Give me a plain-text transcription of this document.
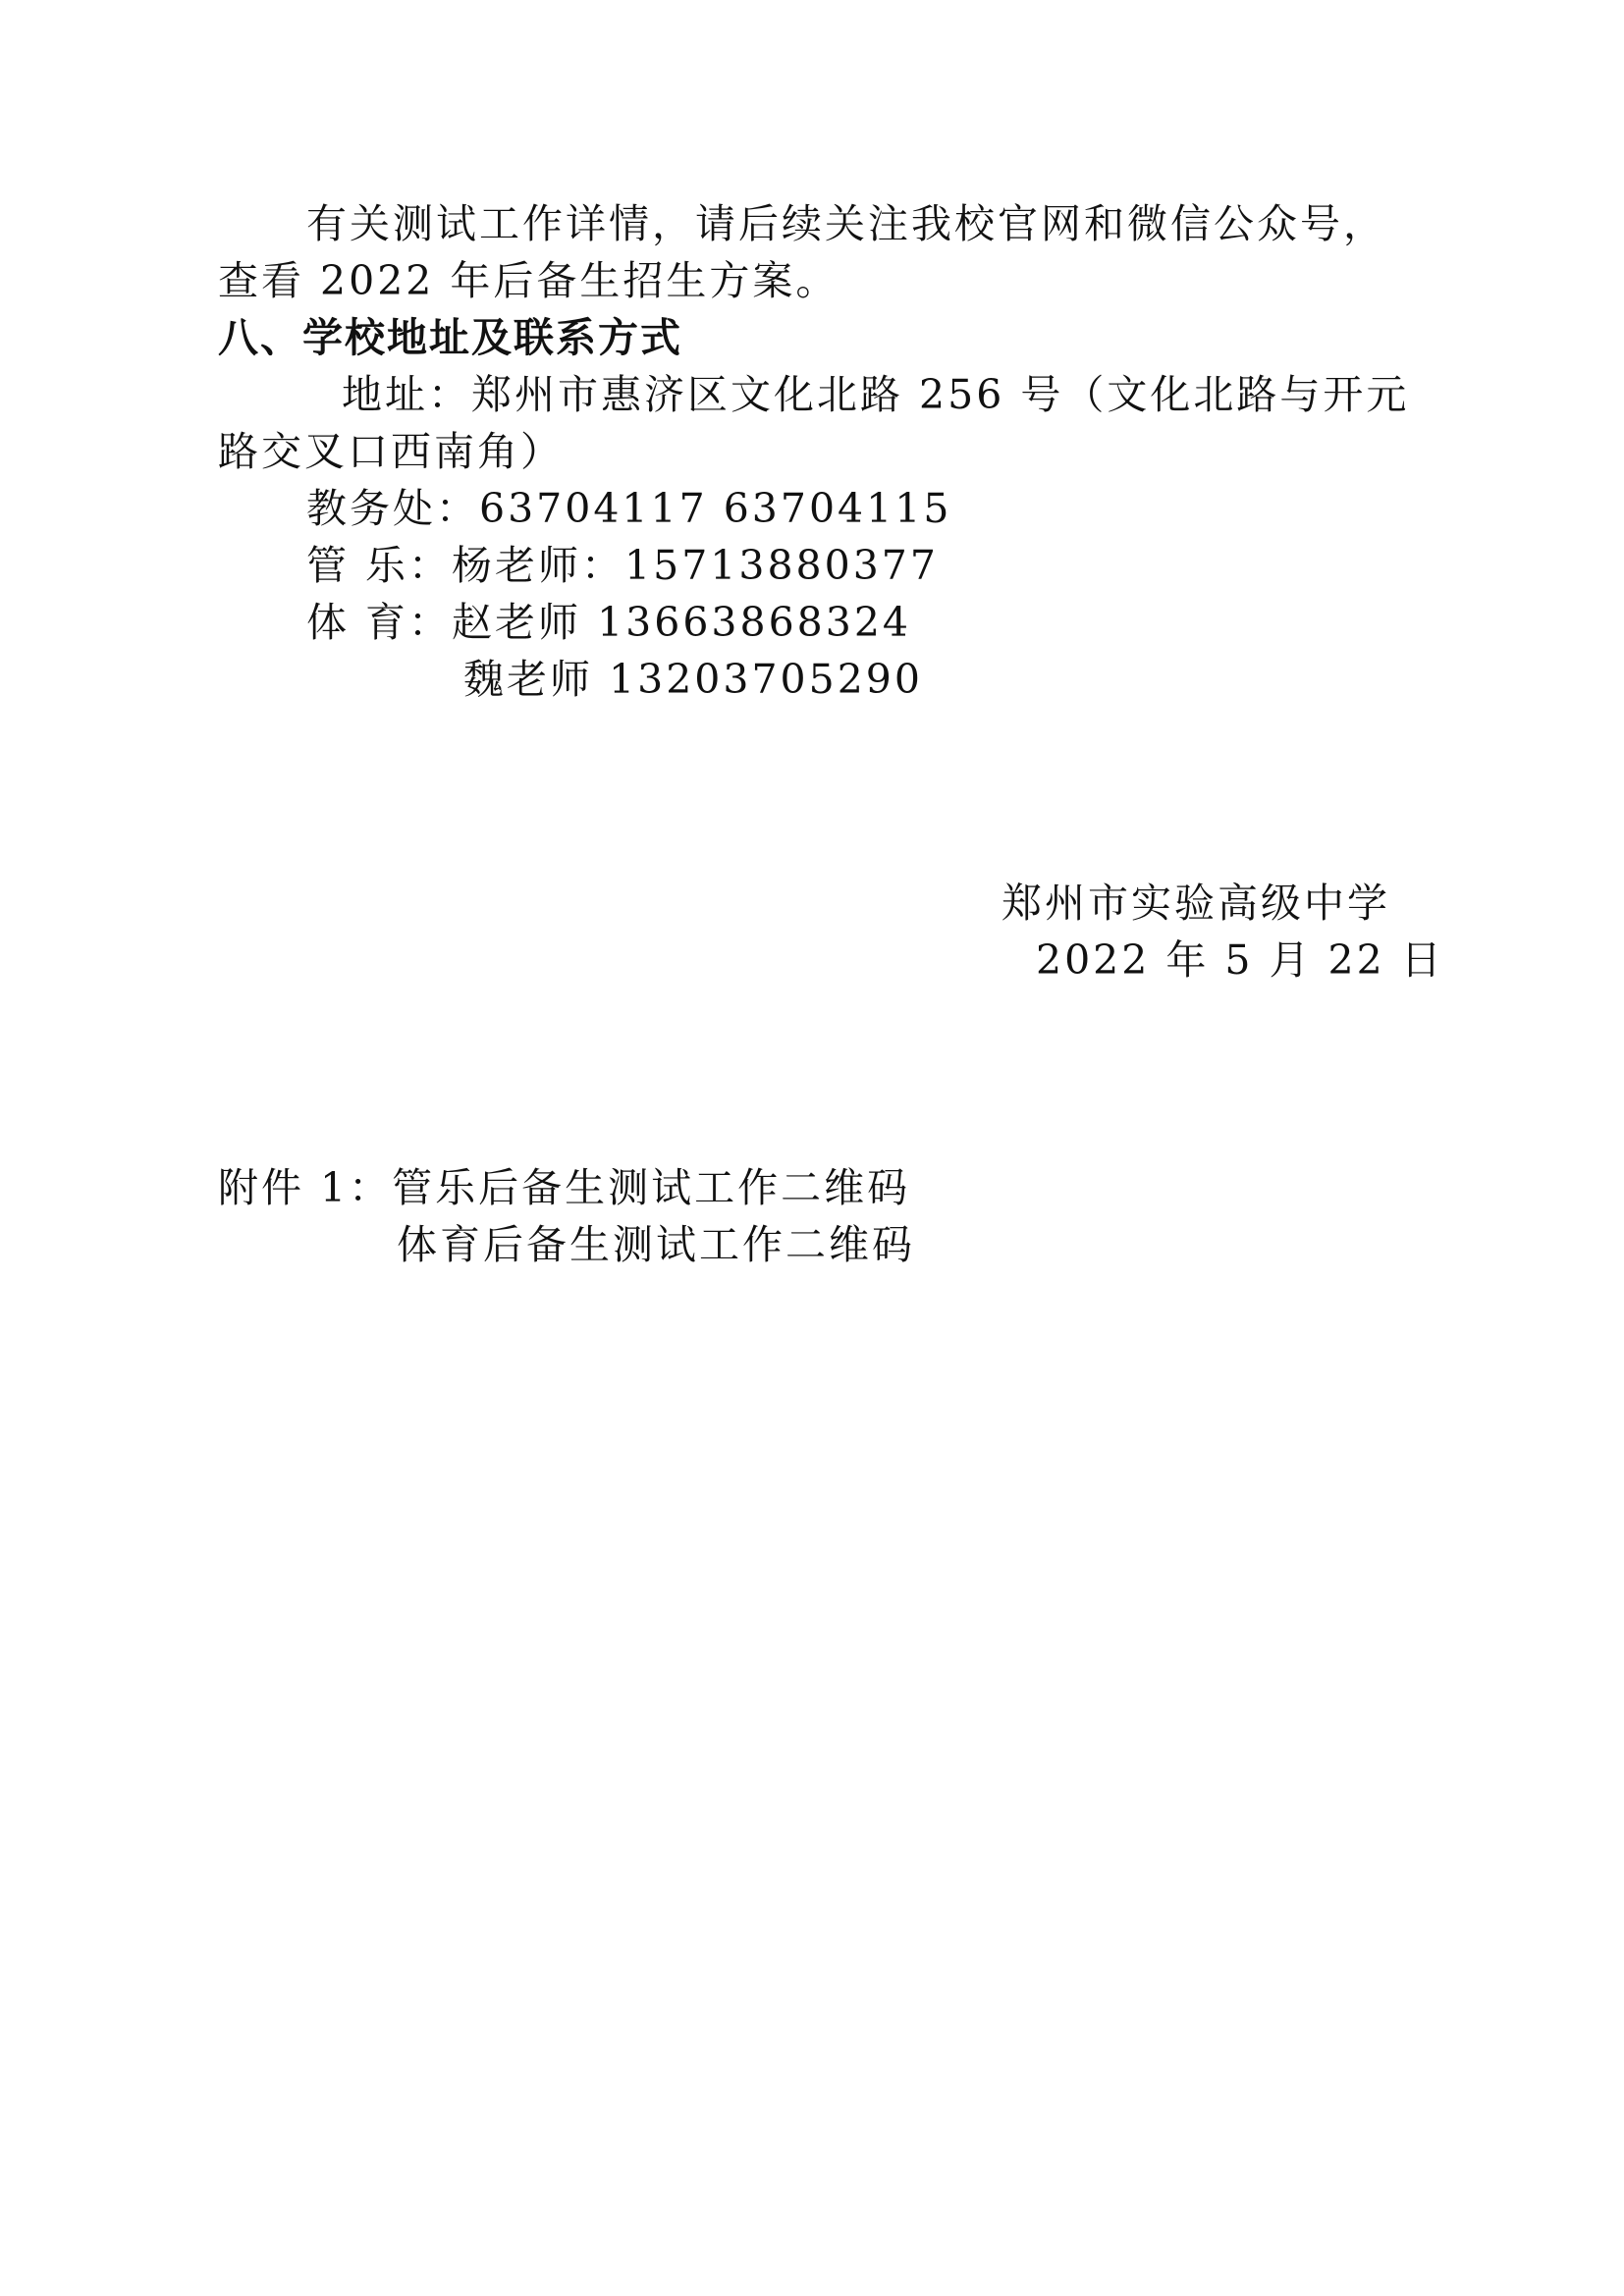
有关测试工作详情，请后续关注我校官网和微信公众号，
查看 2022 年后备生招生方案。
八、学校地址及联系方式
地址：郑州市惠济区文化北路 256 号（文化北路与开元
路交叉口西南角）
教务处：63704117 63704115
管 乐：杨老师：15713880377
体 育：赵老师 13663868324
魏老师 13203705290
郑州市实验高级中学
2022 年 5 月 22 日
附件 1：管乐后备生测试工作二维码
体育后备生测试工作二维码
